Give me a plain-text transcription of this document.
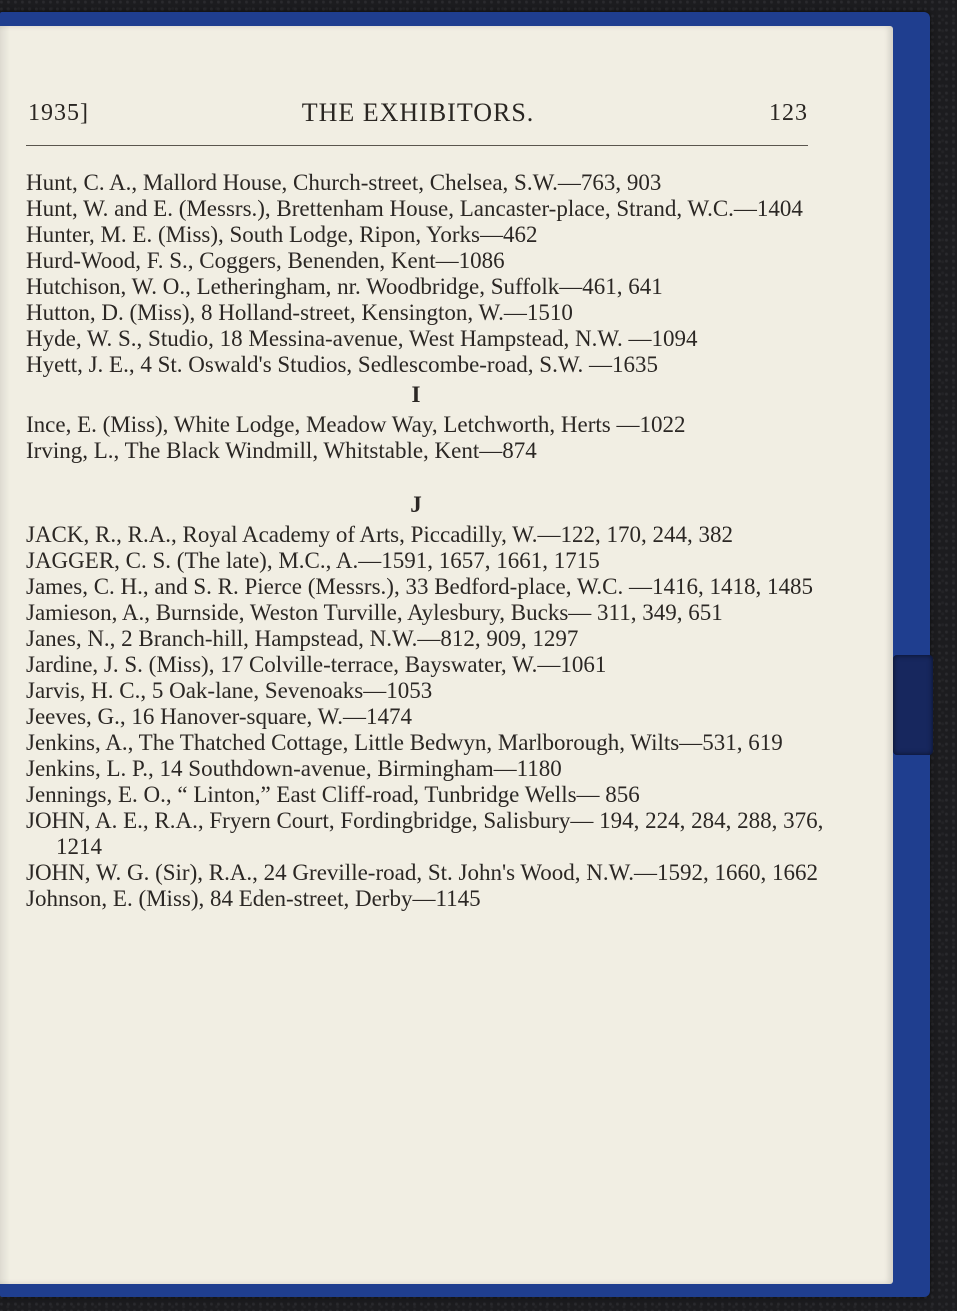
1935]	THE EXHIBITORS.	123

Hunt, C. A., Mallord House, Church-street, Chelsea, S.W.—763, 903

Hunt, W. and E. (Messrs.), Brettenham House, Lancaster-place, Strand, W.C.—1404

Hunter, M. E. (Miss), South Lodge, Ripon, Yorks—462

Hurd-Wood, F. S., Coggers, Benenden, Kent—1086

Hutchison, W. O., Letheringham, nr. Woodbridge, Suffolk—461, 641

Hutton, D. (Miss), 8 Holland-street, Kensington, W.—1510

Hyde, W. S., Studio, 18 Messina-avenue, West Hampstead, N.W. —1094

Hyett, J. E., 4 St. Oswald's Studios, Sedlescombe-road, S.W. —1635

I

Ince, E. (Miss), White Lodge, Meadow Way, Letchworth, Herts —1022

Irving, L., The Black Windmill, Whitstable, Kent—874

J

JACK, R., R.A., Royal Academy of Arts, Piccadilly, W.—122, 170, 244, 382

JAGGER, C. S. (The late), M.C., A.—1591, 1657, 1661, 1715

James, C. H., and S. R. Pierce (Messrs.), 33 Bedford-place, W.C. —1416, 1418, 1485

Jamieson, A., Burnside, Weston Turville, Aylesbury, Bucks— 311, 349, 651

Janes, N., 2 Branch-hill, Hampstead, N.W.—812, 909, 1297

Jardine, J. S. (Miss), 17 Colville-terrace, Bayswater, W.—1061

Jarvis, H. C., 5 Oak-lane, Sevenoaks—1053

Jeeves, G., 16 Hanover-square, W.—1474

Jenkins, A., The Thatched Cottage, Little Bedwyn, Marlborough, Wilts—531, 619

Jenkins, L. P., 14 Southdown-avenue, Birmingham—1180

Jennings, E. O., “ Linton,” East Cliff-road, Tunbridge Wells— 856

JOHN, A. E., R.A., Fryern Court, Fordingbridge, Salisbury— 194, 224, 284, 288, 376, 1214

JOHN, W. G. (Sir), R.A., 24 Greville-road, St. John's Wood, N.W.—1592, 1660, 1662

Johnson, E. (Miss), 84 Eden-street, Derby—1145
